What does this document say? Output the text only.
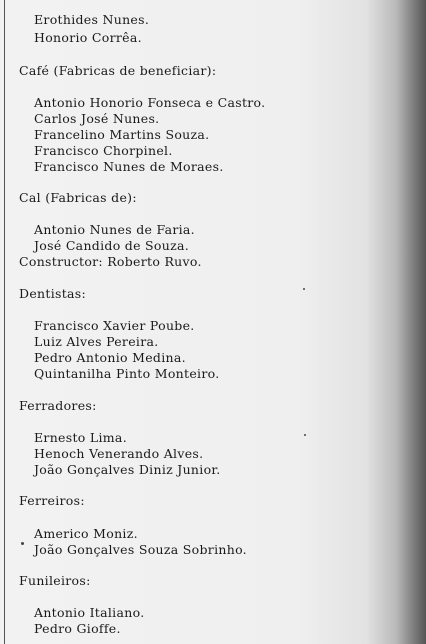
Erothides Nunes.
Honorio Corrêa.
Café (Fabricas de beneficiar):
Antonio Honorio Fonseca e Castro.
Carlos José Nunes.
Francelino Martins Souza.
Francisco Chorpinel.
Francisco Nunes de Moraes.
Cal (Fabricas de):
Antonio Nunes de Faria.
José Candido de Souza.
Constructor: Roberto Ruvo.
Dentistas:
Francisco Xavier Poube.
Luiz Alves Pereira.
Pedro Antonio Medina.
Quintanilha Pinto Monteiro.
Ferradores:
Ernesto Lima.
Henoch Venerando Alves.
João Gonçalves Diniz Junior.
Ferreiros:
Americo Moniz.
João Gonçalves Souza Sobrinho.
Funileiros:
Antonio Italiano.
Pedro Gioffe.
